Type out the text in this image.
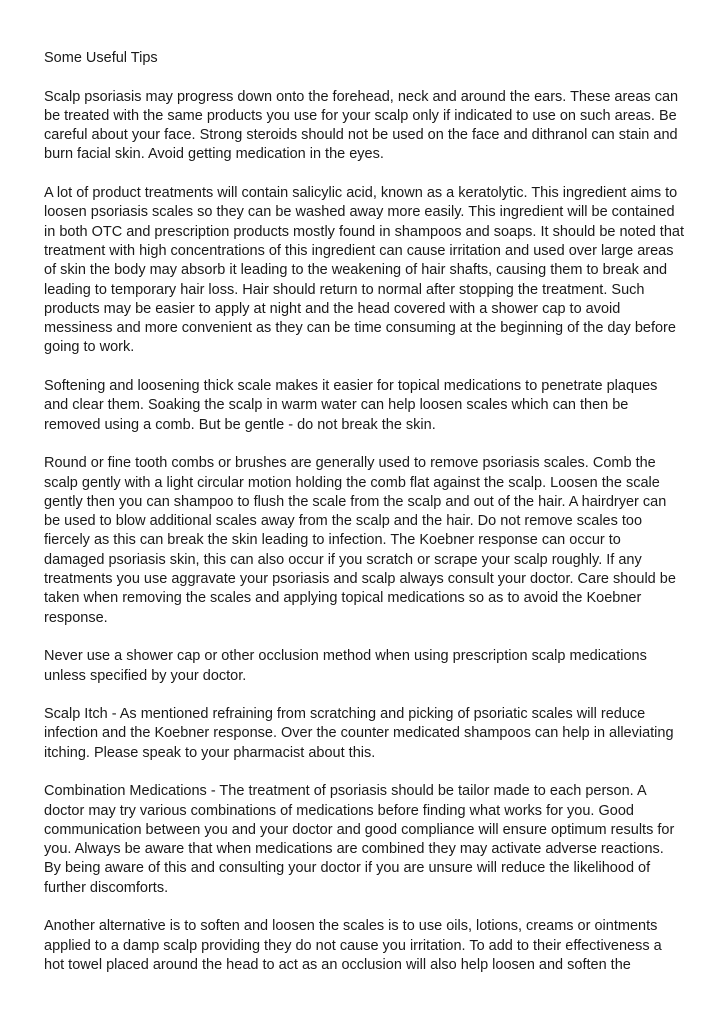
Some Useful Tips

Scalp psoriasis may progress down onto the forehead, neck and around the ears. These areas can be treated with the same products you use for your scalp only if indicated to use on such areas. Be careful about your face. Strong steroids should not be used on the face and dithranol can stain and burn facial skin. Avoid getting medication in the eyes.

A lot of product treatments will contain salicylic acid, known as a keratolytic. This ingredient aims to loosen psoriasis scales so they can be washed away more easily. This ingredient will be contained in both OTC and prescription products mostly found in shampoos and soaps. It should be noted that treatment with high concentrations of this ingredient can cause irritation and used over large areas of skin the body may absorb it leading to the weakening of hair shafts, causing them to break and leading to temporary hair loss. Hair should return to normal after stopping the treatment. Such products may be easier to apply at night and the head covered with a shower cap to avoid messiness and more convenient as they can be time consuming at the beginning of the day before going to work.

Softening and loosening thick scale makes it easier for topical medications to penetrate plaques and clear them. Soaking the scalp in warm water can help loosen scales which can then be removed using a comb. But be gentle - do not break the skin.

Round or fine tooth combs or brushes are generally used to remove psoriasis scales. Comb the scalp gently with a light circular motion holding the comb flat against the scalp. Loosen the scale gently then you can shampoo to flush the scale from the scalp and out of the hair. A hairdryer can be used to blow additional scales away from the scalp and the hair. Do not remove scales too fiercely as this can break the skin leading to infection. The Koebner response can occur to damaged psoriasis skin, this can also occur if you scratch or scrape your scalp roughly. If any treatments you use aggravate your psoriasis and scalp always consult your doctor. Care should be taken when removing the scales and applying topical medications so as to avoid the Koebner response.

Never use a shower cap or other occlusion method when using prescription scalp medications unless specified by your doctor.

Scalp Itch - As mentioned refraining from scratching and picking of psoriatic scales will reduce infection and the Koebner response. Over the counter medicated shampoos can help in alleviating itching. Please speak to your pharmacist about this.

Combination Medications - The treatment of psoriasis should be tailor made to each person. A doctor may try various combinations of medications before finding what works for you. Good communication between you and your doctor and good compliance will ensure optimum results for you. Always be aware that when medications are combined they may activate adverse reactions. By being aware of this and consulting your doctor if you are unsure will reduce the likelihood of further discomforts.

Another alternative is to soften and loosen the scales is to use oils, lotions, creams or ointments applied to a damp scalp providing they do not cause you irritation. To add to their effectiveness a hot towel placed around the head to act as an occlusion will also help loosen and soften the
